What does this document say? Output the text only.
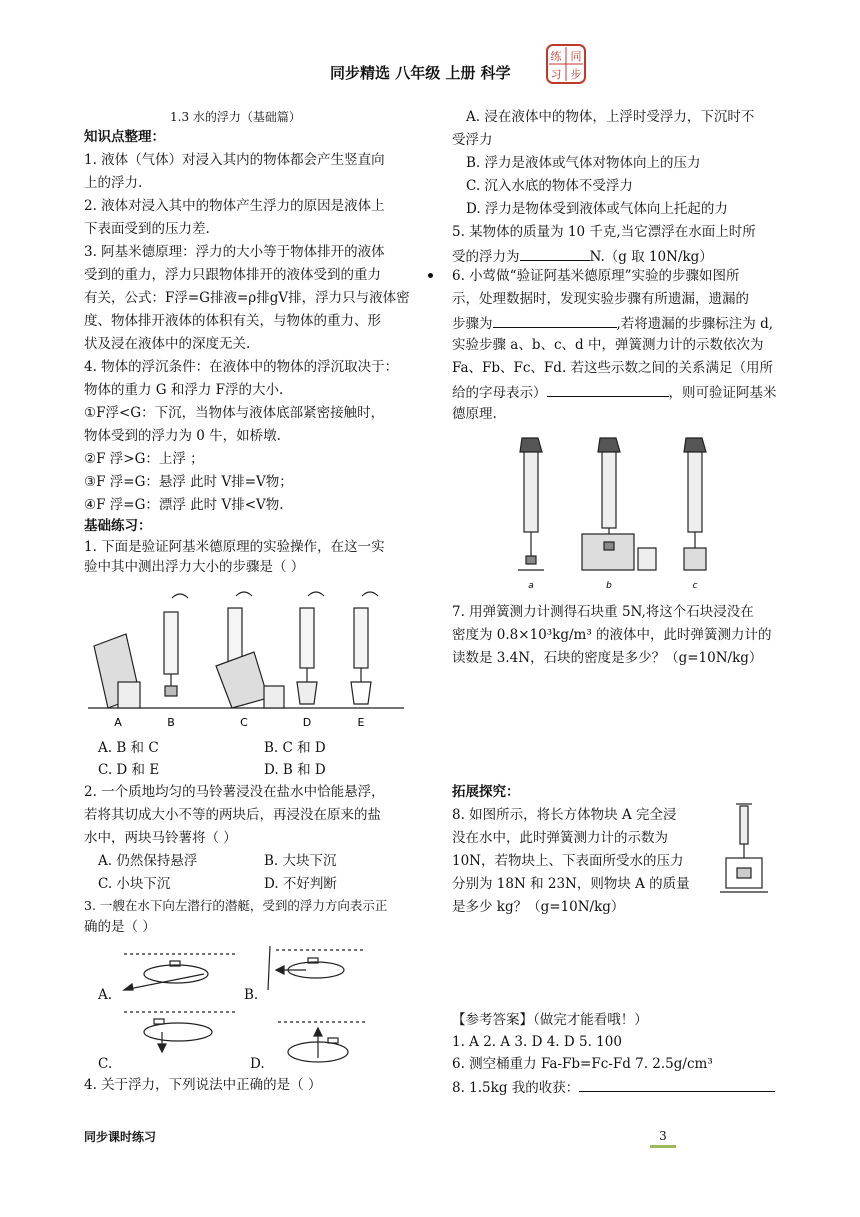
同步精选 八年级 上册 科学
练 同
习 步
1.3 水的浮力（基础篇）
知识点整理：
1. 液体（气体）对浸入其内的物体都会产生竖直向
上的浮力.
2. 液体对浸入其中的物体产生浮力的原因是液体上
下表面受到的压力差.
3. 阿基米德原理：浮力的大小等于物体排开的液体
受到的重力，浮力只跟物体排开的液体受到的重力
有关，公式：F浮=G排液=ρ排gV排，浮力只与液体密
度、物体排开液体的体积有关，与物体的重力、形
状及浸在液体中的深度无关.
4. 物体的浮沉条件：在液体中的物体的浮沉取决于：
物体的重力 G 和浮力 F浮的大小.
①F浮<G：下沉，当物体与液体底部紧密接触时，
物体受到的浮力为 0 牛，如桥墩.
②F 浮>G：上浮 ；
③F 浮=G：悬浮 此时 V排=V物；
④F 浮=G：漂浮 此时 V排<V物.
基础练习：
1. 下面是验证阿基米德原理的实验操作，在这一实
验中其中测出浮力大小的步骤是（ ）
A	B	C	D	E
A. B 和 C	B. C 和 D
C. D 和 E	D. B 和 D
2. 一个质地均匀的马铃薯浸没在盐水中恰能悬浮，
若将其切成大小不等的两块后，再浸没在原来的盐
水中，两块马铃薯将（ ）
A. 仍然保持悬浮	B. 大块下沉
C. 小块下沉	D. 不好判断
3. 一艘在水下向左潜行的潜艇，受到的浮力方向表示正
确的是（ ）
A.	B.
C.	D.
4. 关于浮力，下列说法中正确的是（ ）
A. 浸在液体中的物体，上浮时受浮力，下沉时不
受浮力
B. 浮力是液体或气体对物体向上的压力
C. 沉入水底的物体不受浮力
D. 浮力是物体受到液体或气体向上托起的力
5. 某物体的质量为 10 千克,当它漂浮在水面上时所
受的浮力为	N.（g 取 10N/kg）
6. 小莺做“验证阿基米德原理”实验的步骤如图所
示，处理数据时，发现实验步骤有所遗漏，遗漏的
步骤为	,若将遗漏的步骤标注为 d,
实验步骤 a、b、c、d 中，弹簧测力计的示数依次为
Fa、Fb、Fc、Fd. 若这些示数之间的关系满足（用所
给的字母表示）	，则可验证阿基米
德原理.
a	b	c
7. 用弹簧测力计测得石块重 5N,将这个石块浸没在
密度为 0.8×10³kg/m³ 的液体中，此时弹簧测力计的
读数是 3.4N，石块的密度是多少？（g=10N/kg）
拓展探究：
8. 如图所示，将长方体物块 A 完全浸
没在水中，此时弹簧测力计的示数为
10N，若物块上、下表面所受水的压力
分别为 18N 和 23N，则物块 A 的质量
是多少 kg？（g=10N/kg）
【参考答案】（做完才能看哦！）
1. A 2. A 3. D 4. D 5. 100
6. 测空桶重力 Fa-Fb=Fc-Fd 7. 2.5g/cm³
8. 1.5kg 我的收获：
同步课时练习	3
